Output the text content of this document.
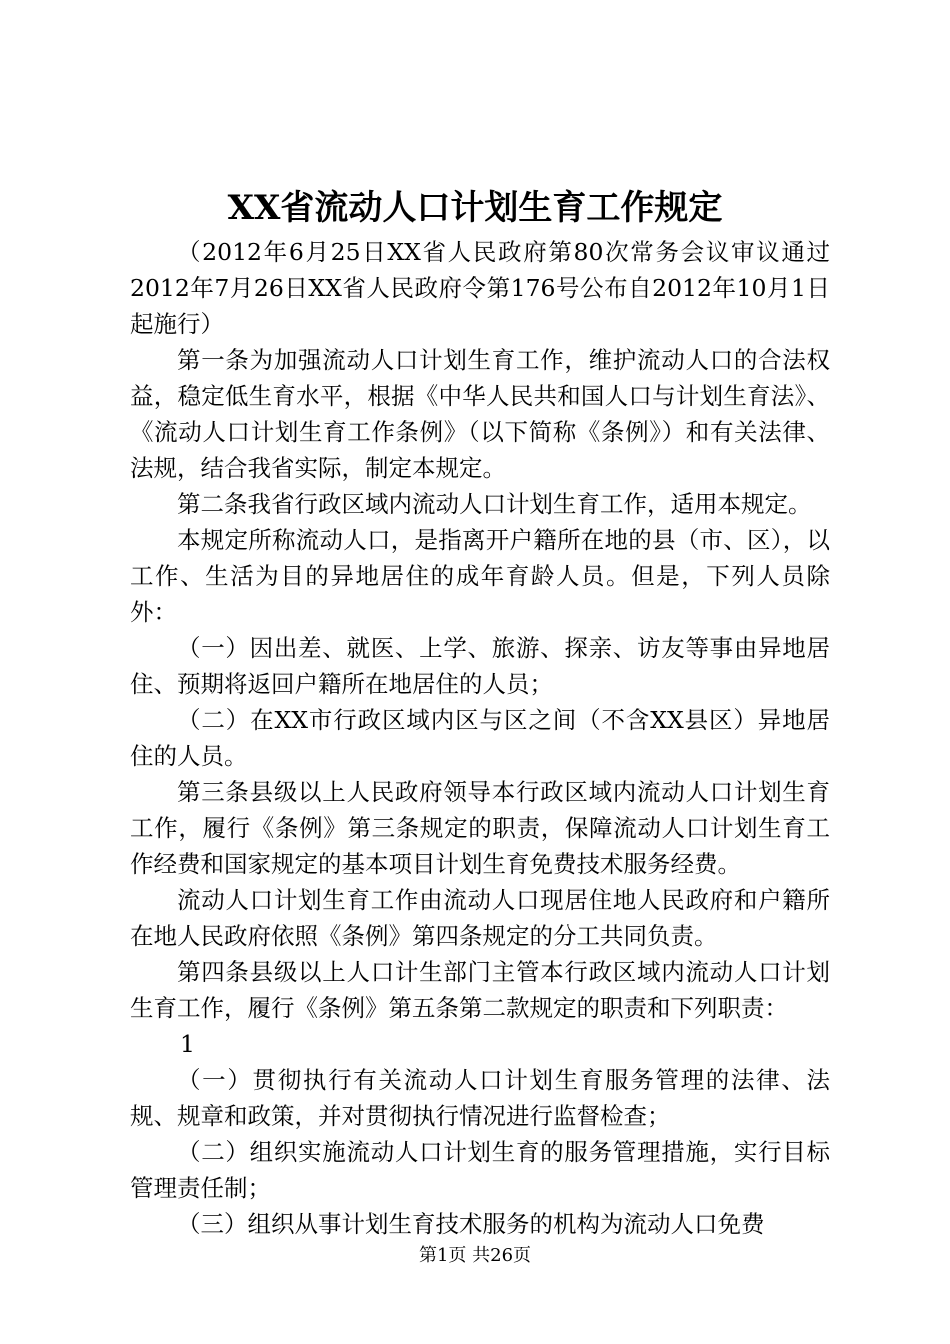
XX省流动人口计划生育工作规定

（2012年6月25日XX省人民政府第80次常务会议审议通过2012年7月26日XX省人民政府令第176号公布自2012年10月1日起施行）

第一条为加强流动人口计划生育工作，维护流动人口的合法权益，稳定低生育水平，根据《中华人民共和国人口与计划生育法》、《流动人口计划生育工作条例》（以下简称《条例》）和有关法律、法规，结合我省实际，制定本规定。

第二条我省行政区域内流动人口计划生育工作，适用本规定。

本规定所称流动人口，是指离开户籍所在地的县（市、区），以工作、生活为目的异地居住的成年育龄人员。但是，下列人员除外：

（一）因出差、就医、上学、旅游、探亲、访友等事由异地居住、预期将返回户籍所在地居住的人员；

（二）在XX市行政区域内区与区之间（不含XX县区）异地居住的人员。

第三条县级以上人民政府领导本行政区域内流动人口计划生育工作，履行《条例》第三条规定的职责，保障流动人口计划生育工作经费和国家规定的基本项目计划生育免费技术服务经费。

流动人口计划生育工作由流动人口现居住地人民政府和户籍所在地人民政府依照《条例》第四条规定的分工共同负责。

第四条县级以上人口计生部门主管本行政区域内流动人口计划生育工作，履行《条例》第五条第二款规定的职责和下列职责：

1

（一）贯彻执行有关流动人口计划生育服务管理的法律、法规、规章和政策，并对贯彻执行情况进行监督检查；

（二）组织实施流动人口计划生育的服务管理措施，实行目标管理责任制；

（三）组织从事计划生育技术服务的机构为流动人口免费

第1页 共26页
